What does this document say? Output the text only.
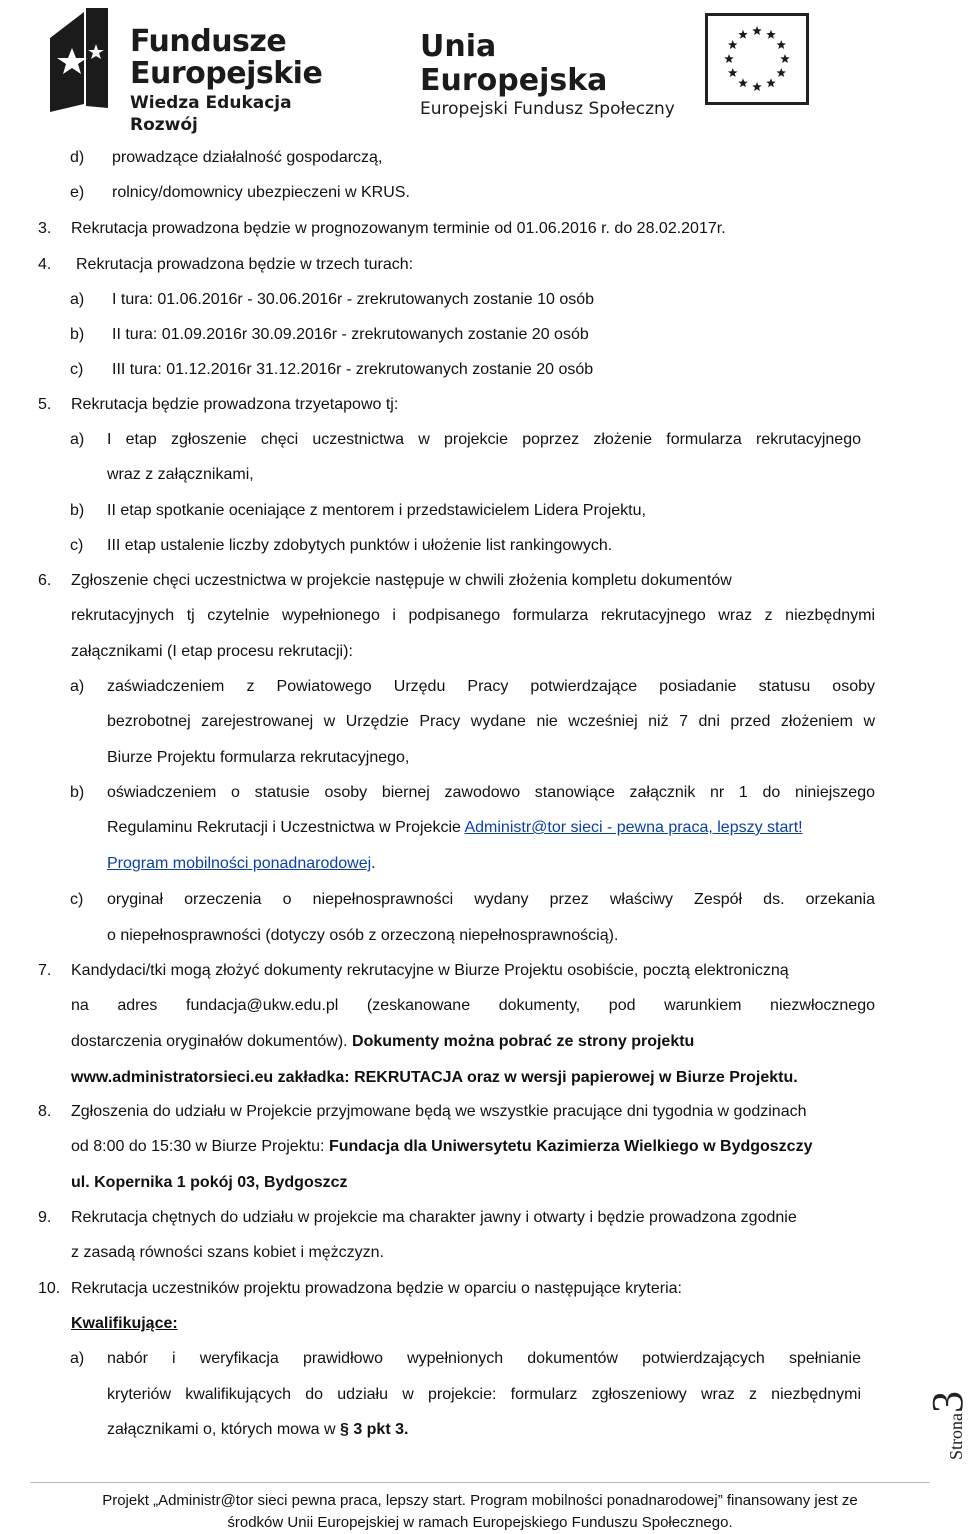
Fundusze
Europejskie
Wiedza Edukacja Rozwój
Unia Europejska
Europejski Fundusz Społeczny
d) prowadzące działalność gospodarczą,
e) rolnicy/domownicy ubezpieczeni w KRUS.
3. Rekrutacja prowadzona będzie w prognozowanym terminie od 01.06.2016 r. do 28.02.2017r.
4. Rekrutacja prowadzona będzie w trzech turach:
a) I tura: 01.06.2016r - 30.06.2016r - zrekrutowanych zostanie 10 osób
b) II tura: 01.09.2016r 30.09.2016r - zrekrutowanych zostanie 20 osób
c) III tura: 01.12.2016r 31.12.2016r - zrekrutowanych zostanie 20 osób
5. Rekrutacja będzie prowadzona trzyetapowo tj:
a) I etap zgłoszenie chęci uczestnictwa w projekcie poprzez złożenie formularza rekrutacyjnego
wraz z załącznikami,
b) II etap spotkanie oceniające z mentorem i przedstawicielem Lidera Projektu,
c) III etap ustalenie liczby zdobytych punktów i ułożenie list rankingowych.
6. Zgłoszenie chęci uczestnictwa w projekcie następuje w chwili złożenia kompletu dokumentów
rekrutacyjnych tj czytelnie wypełnionego i podpisanego formularza rekrutacyjnego wraz z niezbędnymi
załącznikami (I etap procesu rekrutacji):
a) zaświadczeniem z Powiatowego Urzędu Pracy potwierdzające posiadanie statusu osoby
bezrobotnej zarejestrowanej w Urzędzie Pracy wydane nie wcześniej niż 7 dni przed złożeniem w
Biurze Projektu formularza rekrutacyjnego,
b) oświadczeniem o statusie osoby biernej zawodowo stanowiące załącznik nr 1 do niniejszego
Regulaminu Rekrutacji i Uczestnictwa w Projekcie Administr@tor sieci - pewna praca, lepszy start!
Program mobilności ponadnarodowej.
c) oryginał orzeczenia o niepełnosprawności wydany przez właściwy Zespół ds. orzekania
o niepełnosprawności (dotyczy osób z orzeczoną niepełnosprawnością).
7. Kandydaci/tki mogą złożyć dokumenty rekrutacyjne w Biurze Projektu osobiście, pocztą elektroniczną
na adres fundacja@ukw.edu.pl (zeskanowane dokumenty, pod warunkiem niezwłocznego
dostarczenia oryginałów dokumentów). Dokumenty można pobrać ze strony projektu
www.administratorsieci.eu zakładka: REKRUTACJA oraz w wersji papierowej w Biurze Projektu.
8. Zgłoszenia do udziału w Projekcie przyjmowane będą we wszystkie pracujące dni tygodnia w godzinach
od 8:00 do 15:30 w Biurze Projektu: Fundacja dla Uniwersytetu Kazimierza Wielkiego w Bydgoszczy
ul. Kopernika 1 pokój 03, Bydgoszcz
9. Rekrutacja chętnych do udziału w projekcie ma charakter jawny i otwarty i będzie prowadzona zgodnie
z zasadą równości szans kobiet i mężczyzn.
10. Rekrutacja uczestników projektu prowadzona będzie w oparciu o następujące kryteria:
Kwalifikujące:
a) nabór i weryfikacja prawidłowo wypełnionych dokumentów potwierdzających spełnianie
kryteriów kwalifikujących do udziału w projekcie: formularz zgłoszeniowy wraz z niezbędnymi
załącznikami o, których mowa w § 3 pkt 3.	Strona3
Projekt „Administr@tor sieci pewna praca, lepszy start. Program mobilności ponadnarodowej” finansowany jest ze
środków Unii Europejskiej w ramach Europejskiego Funduszu Społecznego.
